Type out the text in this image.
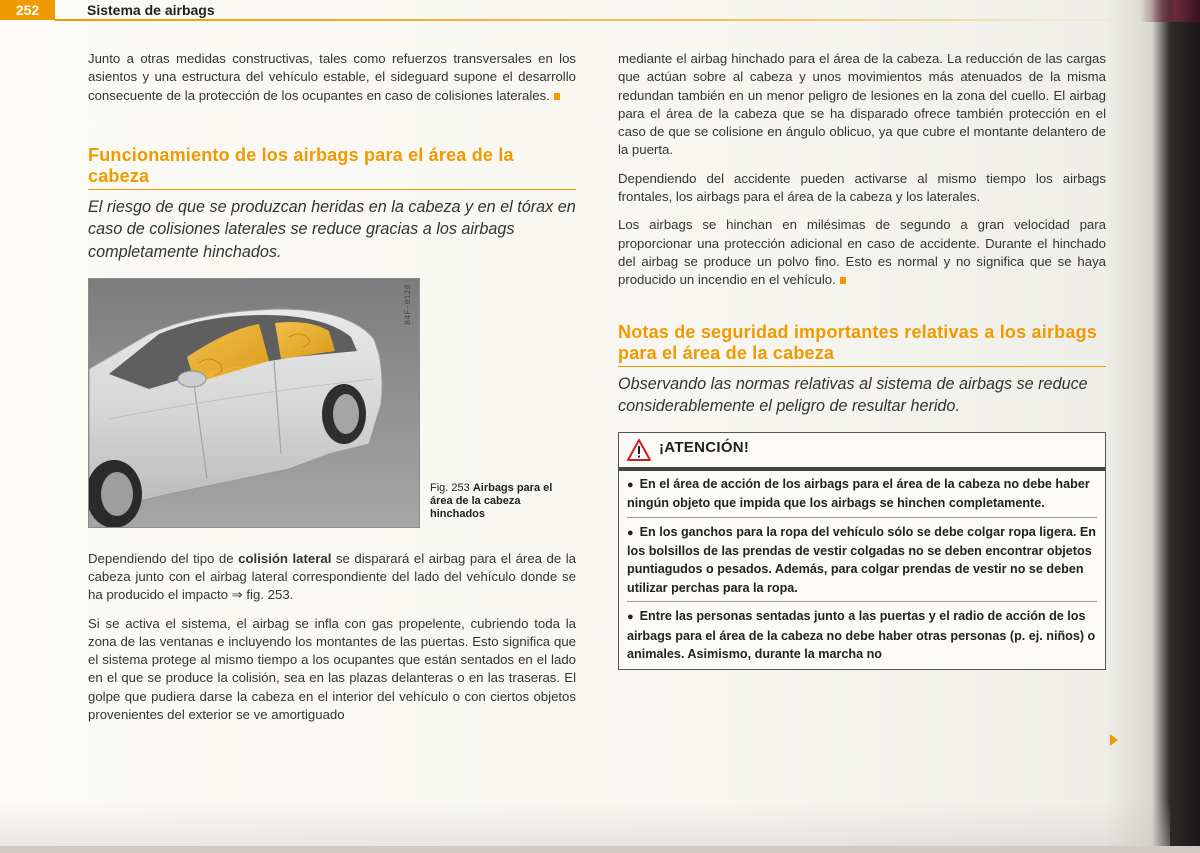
252	Sistema de airbags

Junto a otras medidas constructivas, tales como refuerzos transversales en los asientos y una estructura del vehículo estable, el sideguard supone el desarrollo consecuente de la protección de los ocupantes en caso de colisiones laterales.

Funcionamiento de los airbags para el área de la cabeza

El riesgo de que se produzcan heridas en la cabeza y en el tórax en caso de colisiones laterales se reduce gracias a los airbags completamente hinchados.

B4F-0120
Fig. 253 Airbags para el área de la cabeza hinchados

Dependiendo del tipo de colisión lateral se disparará el airbag para el área de la cabeza junto con el airbag lateral correspondiente del lado del vehículo donde se ha producido el impacto ⇒ fig. 253.

Si se activa el sistema, el airbag se infla con gas propelente, cubriendo toda la zona de las ventanas e incluyendo los montantes de las puertas. Esto significa que el sistema protege al mismo tiempo a los ocupantes que están sentados en el lado en el que se produce la colisión, sea en las plazas delanteras o en las traseras. El golpe que pudiera darse la cabeza en el interior del vehículo o con ciertos objetos provenientes del exterior se ve amortiguado

mediante el airbag hinchado para el área de la cabeza. La reducción de las cargas que actúan sobre al cabeza y unos movimientos más atenuados de la misma redundan también en un menor peligro de lesiones en la zona del cuello. El airbag para el área de la cabeza que se ha disparado ofrece también protección en el caso de que se colisione en ángulo oblicuo, ya que cubre el montante delantero de la puerta.

Dependiendo del accidente pueden activarse al mismo tiempo los airbags frontales, los airbags para el área de la cabeza y los laterales.

Los airbags se hinchan en milésimas de segundo a gran velocidad para proporcionar una protección adicional en caso de accidente. Durante el hinchado del airbag se produce un polvo fino. Esto es normal y no significa que se haya producido un incendio en el vehículo.

Notas de seguridad importantes relativas a los airbags para el área de la cabeza

Observando las normas relativas al sistema de airbags se reduce considerablemente el peligro de resultar herido.

¡ATENCIÓN!

● En el área de acción de los airbags para el área de la cabeza no debe haber ningún objeto que impida que los airbags se hinchen completamente.

● En los ganchos para la ropa del vehículo sólo se debe colgar ropa ligera. En los bolsillos de las prendas de vestir colgadas no se deben encontrar objetos puntiagudos o pesados. Además, para colgar prendas de vestir no se deben utilizar perchas para la ropa.

● Entre las personas sentadas junto a las puertas y el radio de acción de los airbags para el área de la cabeza no debe haber otras personas (p. ej. niños) o animales. Asimismo, durante la marcha no
